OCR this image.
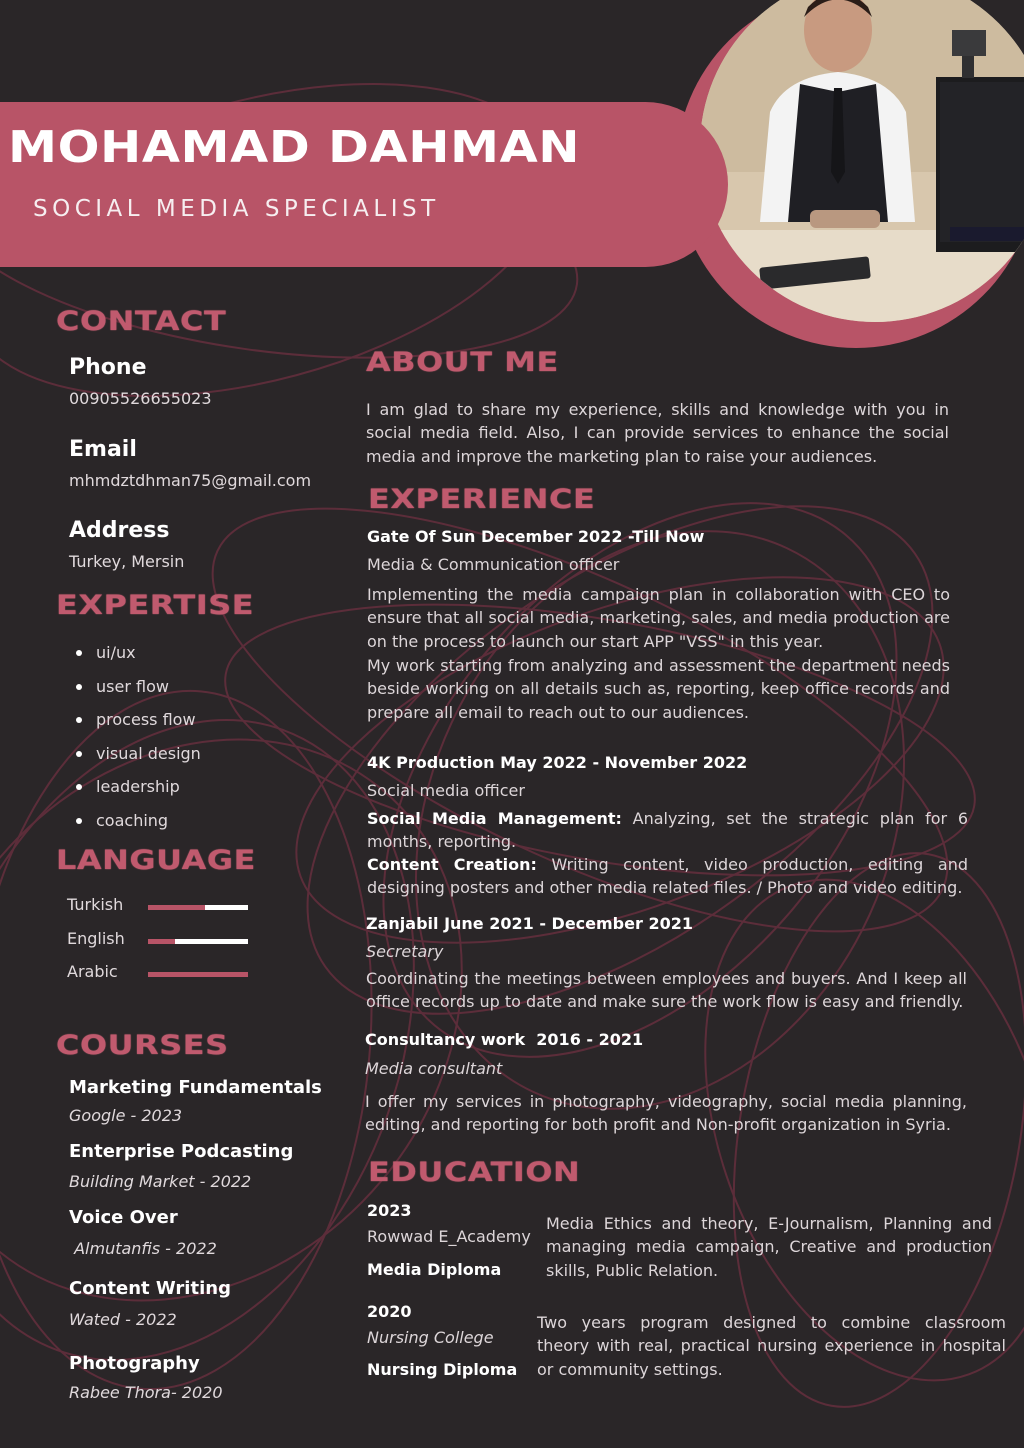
MOHAMAD DAHMAN
SOCIAL MEDIA SPECIALIST
CONTACT
Phone
00905526655023
Email
mhmdztdhman75@gmail.com
Address
Turkey, Mersin
EXPERTISE
ui/ux
user flow
process flow
visual design
leadership
coaching
LANGUAGE
Turkish
English
Arabic
COURSES
Marketing Fundamentals
Google - 2023
Enterprise Podcasting
Building Market - 2022
Voice Over
Almutanfis - 2022
Content Writing
Wated - 2022
Photography
Rabee Thora- 2020
ABOUT ME
I am glad to share my experience, skills and knowledge with you in social media field. Also, I can provide services to enhance the social media and improve the marketing plan to raise your audiences.
EXPERIENCE
Gate Of Sun December 2022 -Till Now
Media & Communication officer
Implementing the media campaign plan in collaboration with CEO to ensure that all social media, marketing, sales, and media production are on the process to launch our start APP "VSS" in this year.
My work starting from analyzing and assessment the department needs beside working on all details such as, reporting, keep office records and prepare all email to reach out to our audiences.
4K Production May 2022 - November 2022
Social media officer
Social Media Management: Analyzing, set the strategic plan for 6 months, reporting.
Content Creation: Writing content, video production, editing and designing posters and other media related files. / Photo and video editing.
Zanjabil June 2021 - December 2021
Secretary
Coordinating the meetings between employees and buyers. And I keep all office records up to date and make sure the work flow is easy and friendly.
Consultancy work  2016 - 2021
Media consultant
I offer my services in photography, videography, social media planning, editing, and reporting for both profit and Non-profit organization in Syria.
EDUCATION
2023
Rowwad E_Academy
Media Diploma
Media Ethics and theory, E-Journalism, Planning and managing media campaign, Creative and production skills, Public Relation.
2020
Nursing College
Nursing Diploma
Two years program designed to combine classroom theory with real, practical nursing experience in hospital or community settings.
